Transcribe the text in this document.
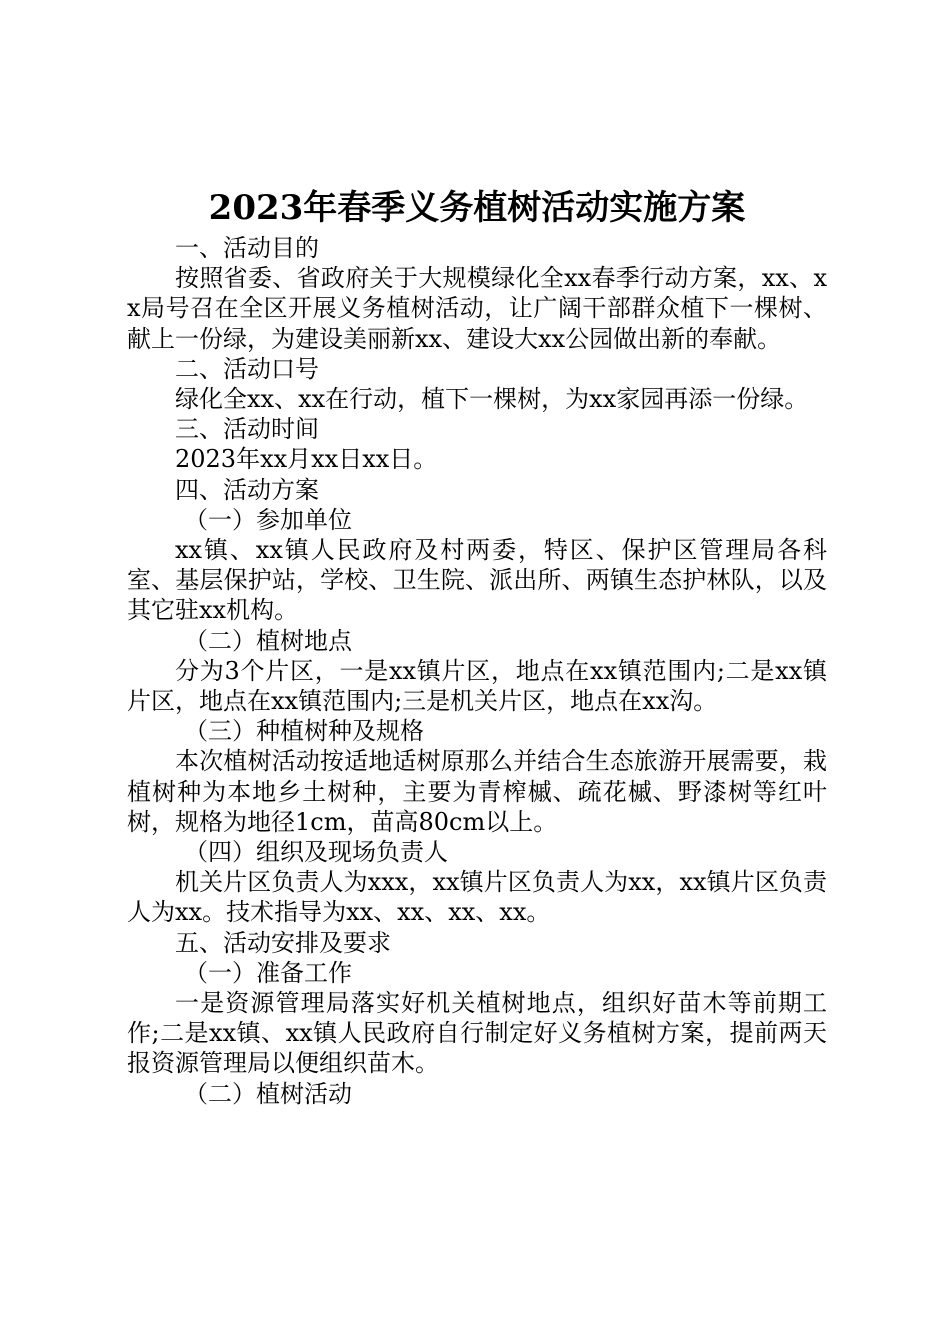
2023年春季义务植树活动实施方案

一、活动目的

按照省委、省政府关于大规模绿化全xx春季行动方案，xx、xx局号召在全区开展义务植树活动，让广阔干部群众植下一棵树、献上一份绿，为建设美丽新xx、建设大xx公园做出新的奉献。

二、活动口号

绿化全xx、xx在行动，植下一棵树，为xx家园再添一份绿。

三、活动时间

2023年xx月xx日xx日。

四、活动方案

（一）参加单位

xx镇、xx镇人民政府及村两委，特区、保护区管理局各科室、基层保护站，学校、卫生院、派出所、两镇生态护林队，以及其它驻xx机构。

（二）植树地点

分为3个片区，一是xx镇片区，地点在xx镇范围内;二是xx镇片区，地点在xx镇范围内;三是机关片区，地点在xx沟。

（三）种植树种及规格

本次植树活动按适地适树原那么并结合生态旅游开展需要，栽植树种为本地乡土树种，主要为青榨槭、疏花槭、野漆树等红叶树，规格为地径1cm，苗高80cm以上。

（四）组织及现场负责人

机关片区负责人为xxx，xx镇片区负责人为xx，xx镇片区负责人为xx。技术指导为xx、xx、xx、xx。

五、活动安排及要求

（一）准备工作

一是资源管理局落实好机关植树地点，组织好苗木等前期工作;二是xx镇、xx镇人民政府自行制定好义务植树方案，提前两天报资源管理局以便组织苗木。

（二）植树活动
